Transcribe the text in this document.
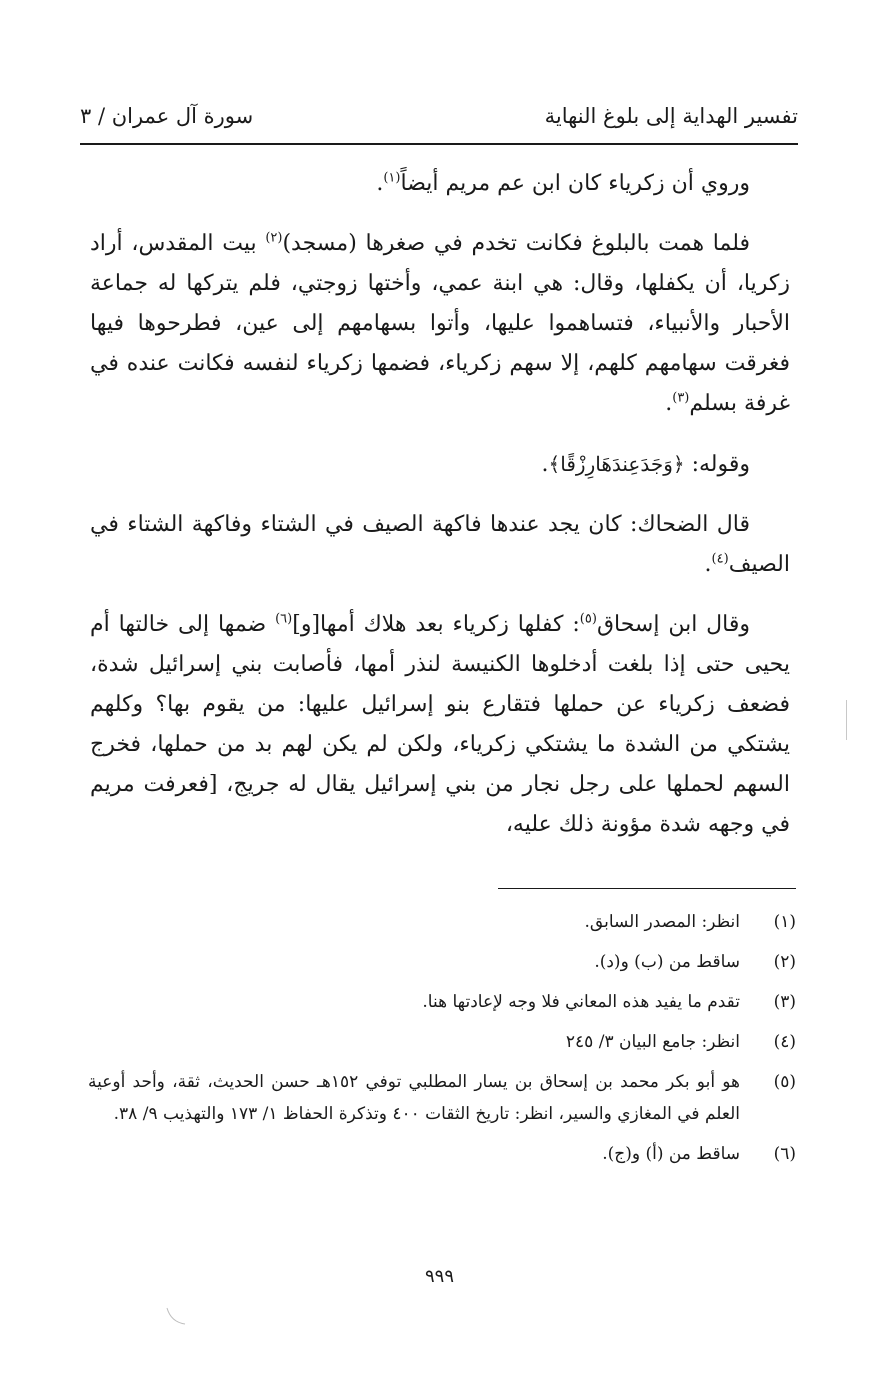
تفسير الهداية إلى بلوغ النهاية
سورة آل عمران / ٣

وروي أن زكرياء كان ابن عم مريم أيضاً$^{(١)}$.

فلما همت بالبلوغ فكانت تخدم في صغرها (مسجد)$^{(٢)}$ بيت المقدس، أراد زكريا، أن يكفلها، وقال: هي ابنة عمي، وأختها زوجتي، فلم يتركها له جماعة الأحبار والأنبياء، فتساهموا عليها، وأتوا بسهامهم إلى عين، فطرحوها فيها فغرقت سهامهم كلهم، إلا سهم زكرياء، فضمها زكرياء لنفسه فكانت عنده في غرفة بسلم$^{(٣)}$.

وقوله: ﴿وَجَدَعِندَهَارِزْقًا﴾.

قال الضحاك: كان يجد عندها فاكهة الصيف في الشتاء وفاكهة الشتاء في الصيف$^{(٤)}$.

وقال ابن إسحاق$^{(٥)}$: كفلها زكرياء بعد هلاك أمها[و]$^{(٦)}$ ضمها إلى خالتها أم يحيى حتى إذا بلغت أدخلوها الكنيسة لنذر أمها، فأصابت بني إسرائيل شدة، فضعف زكرياء عن حملها فتقارع بنو إسرائيل عليها: من يقوم بها؟ وكلهم يشتكي من الشدة ما يشتكي زكرياء، ولكن لم يكن لهم بد من حملها، فخرج السهم لحملها على رجل نجار من بني إسرائيل يقال له جريج، [فعرفت مريم في وجهه شدة مؤونة ذلك عليه،

(١)
انظر: المصدر السابق.
(٢)
ساقط من (ب) و(د).
(٣)
تقدم ما يفيد هذه المعاني فلا وجه لإعادتها هنا.
(٤)
انظر: جامع البيان ٣/ ٢٤٥
(٥)
هو أبو بكر محمد بن إسحاق بن يسار المطلبي توفي ١٥٢هـ حسن الحديث، ثقة، وأحد أوعية العلم في المغازي والسير، انظر: تاريخ الثقات ٤٠٠ وتذكرة الحفاظ ١/ ١٧٣ والتهذيب ٩/ ٣٨.
(٦)
ساقط من (أ) و(ج).
٩٩٩
